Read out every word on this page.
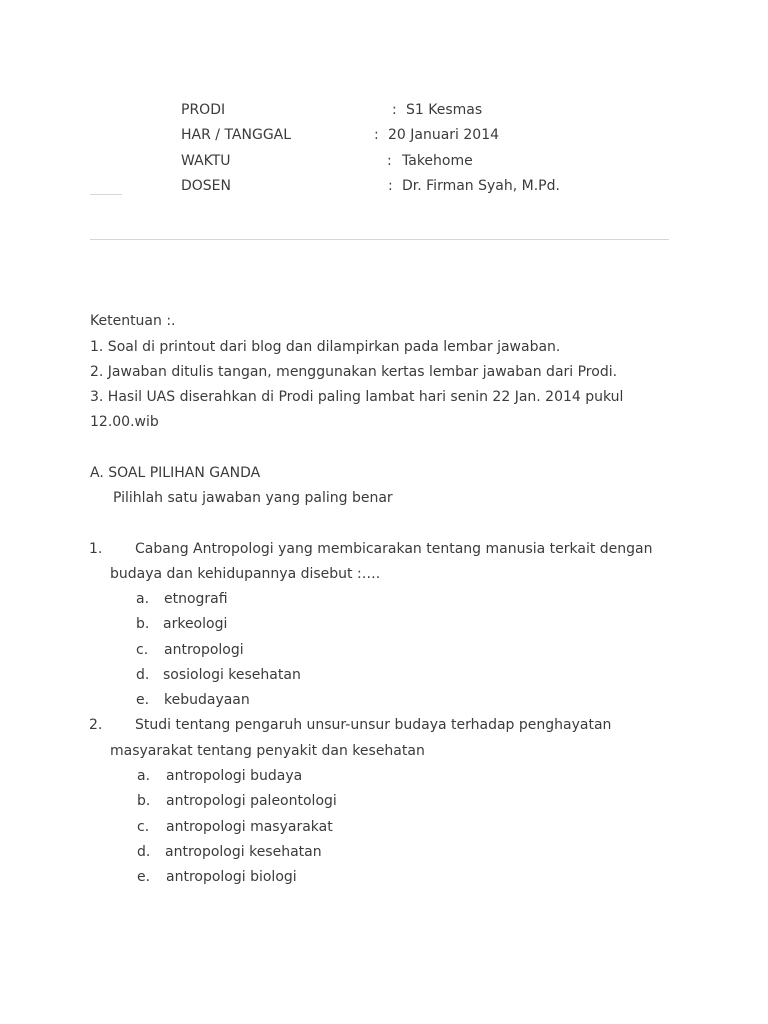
PRODI	: S1 Kesmas
HAR / TANGGAL	: 20 Januari 2014
WAKTU	: Takehome
DOSEN	: Dr. Firman Syah, M.Pd.
Ketentuan :.
1. Soal di printout dari blog dan dilampirkan pada lembar jawaban.
2. Jawaban ditulis tangan, menggunakan kertas lembar jawaban dari Prodi.
3. Hasil UAS diserahkan di Prodi paling lambat hari senin 22 Jan. 2014 pukul
12.00.wib
A. SOAL PILIHAN GANDA
Pilihlah satu jawaban yang paling benar
1. Cabang Antropologi yang membicarakan tentang manusia terkait dengan
budaya dan kehidupannya disebut :….
a. etnografi
b. arkeologi
c. antropologi
d. sosiologi kesehatan
e. kebudayaan
2. Studi tentang pengaruh unsur-unsur budaya terhadap penghayatan
masyarakat tentang penyakit dan kesehatan
a. antropologi budaya
b. antropologi paleontologi
c. antropologi masyarakat
d. antropologi kesehatan
e. antropologi biologi
